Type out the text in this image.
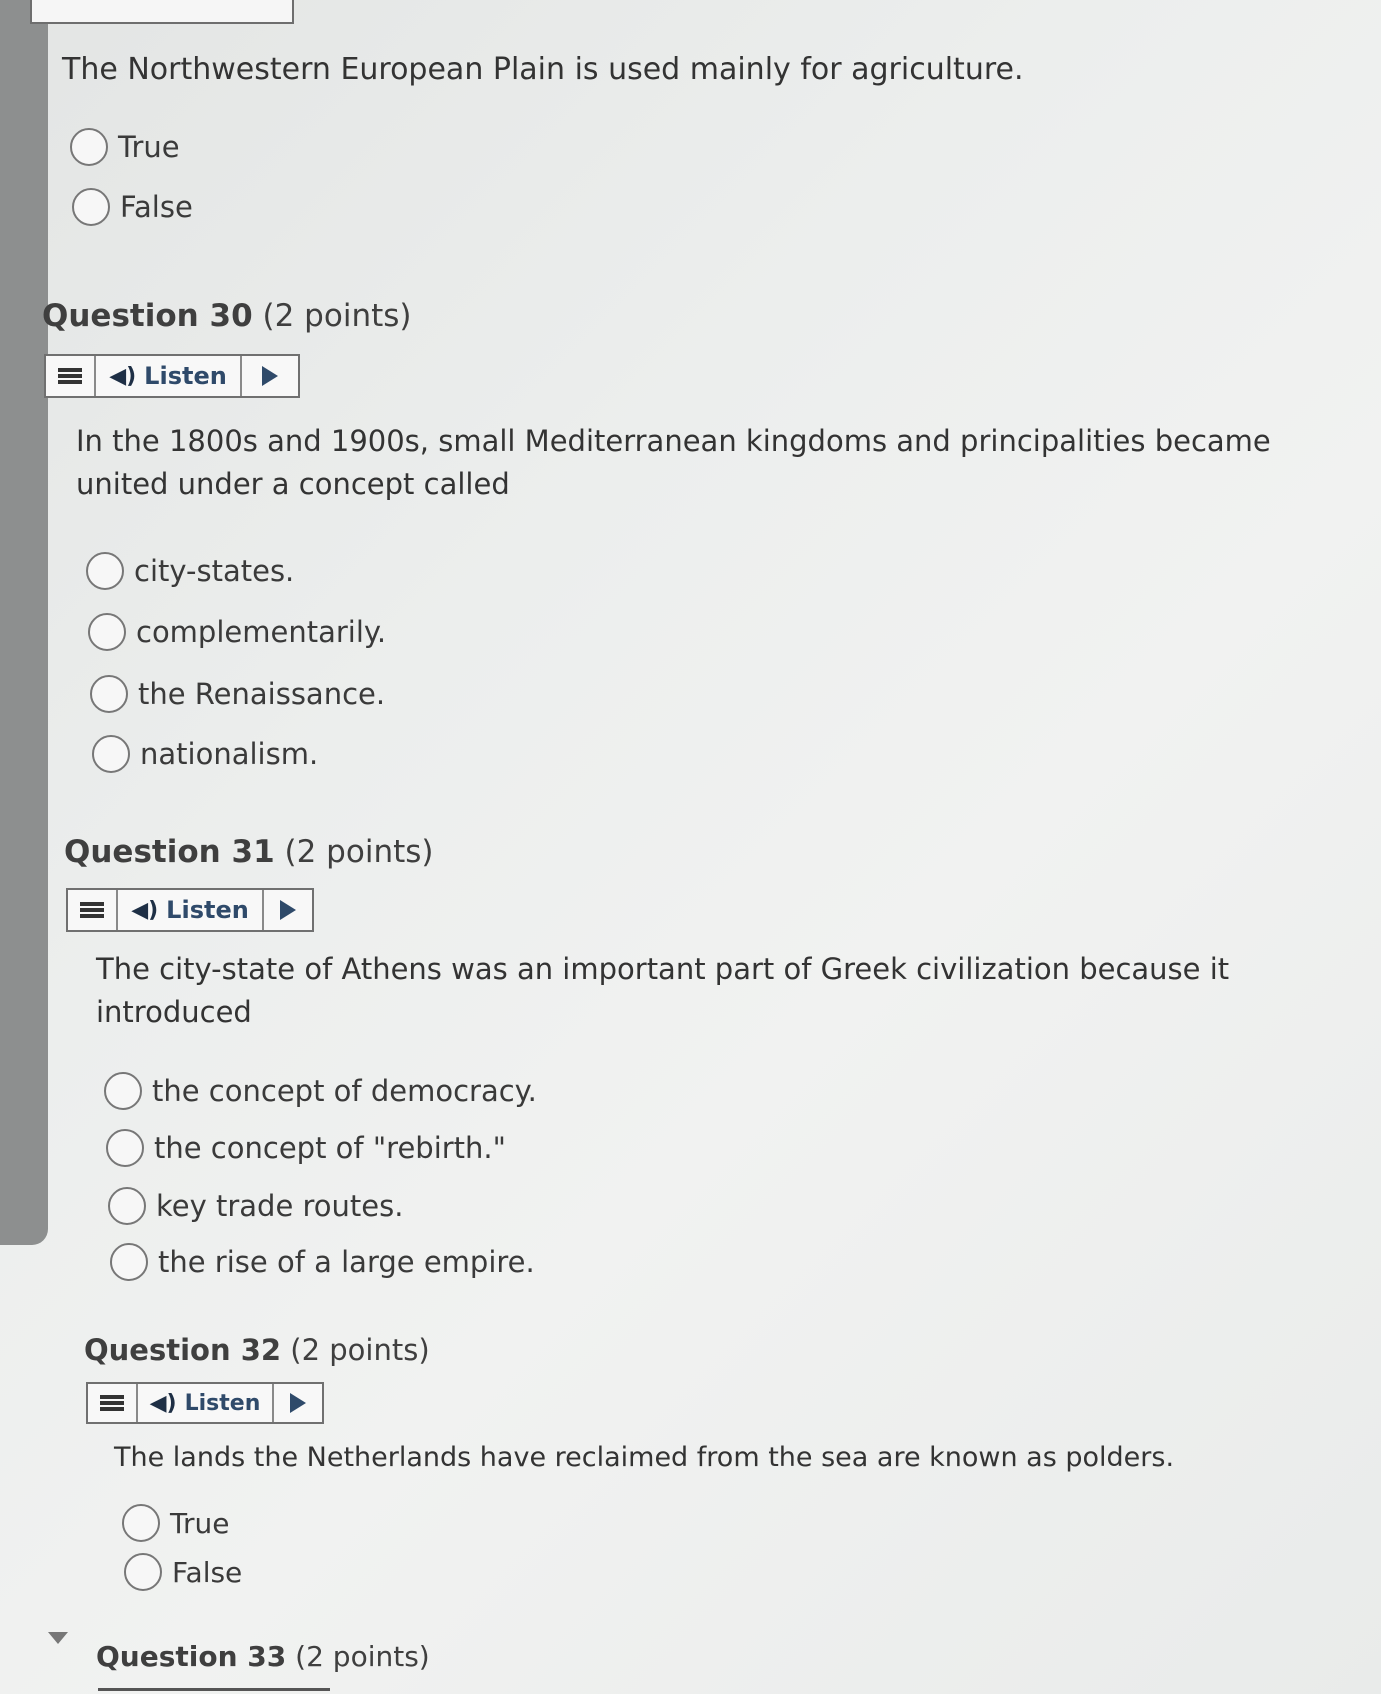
The Northwestern European Plain is used mainly for agriculture.
True
False
Question 30 (2 points)
◀) Listen
In the 1800s and 1900s, small Mediterranean kingdoms and principalities became united under a concept called
city-states.
complementarily.
the Renaissance.
nationalism.
Question 31 (2 points)
◀) Listen
The city-state of Athens was an important part of Greek civilization because it introduced
the concept of democracy.
the concept of "rebirth."
key trade routes.
the rise of a large empire.
Question 32 (2 points)
◀) Listen
The lands the Netherlands have reclaimed from the sea are known as polders.
True
False
Question 33 (2 points)
